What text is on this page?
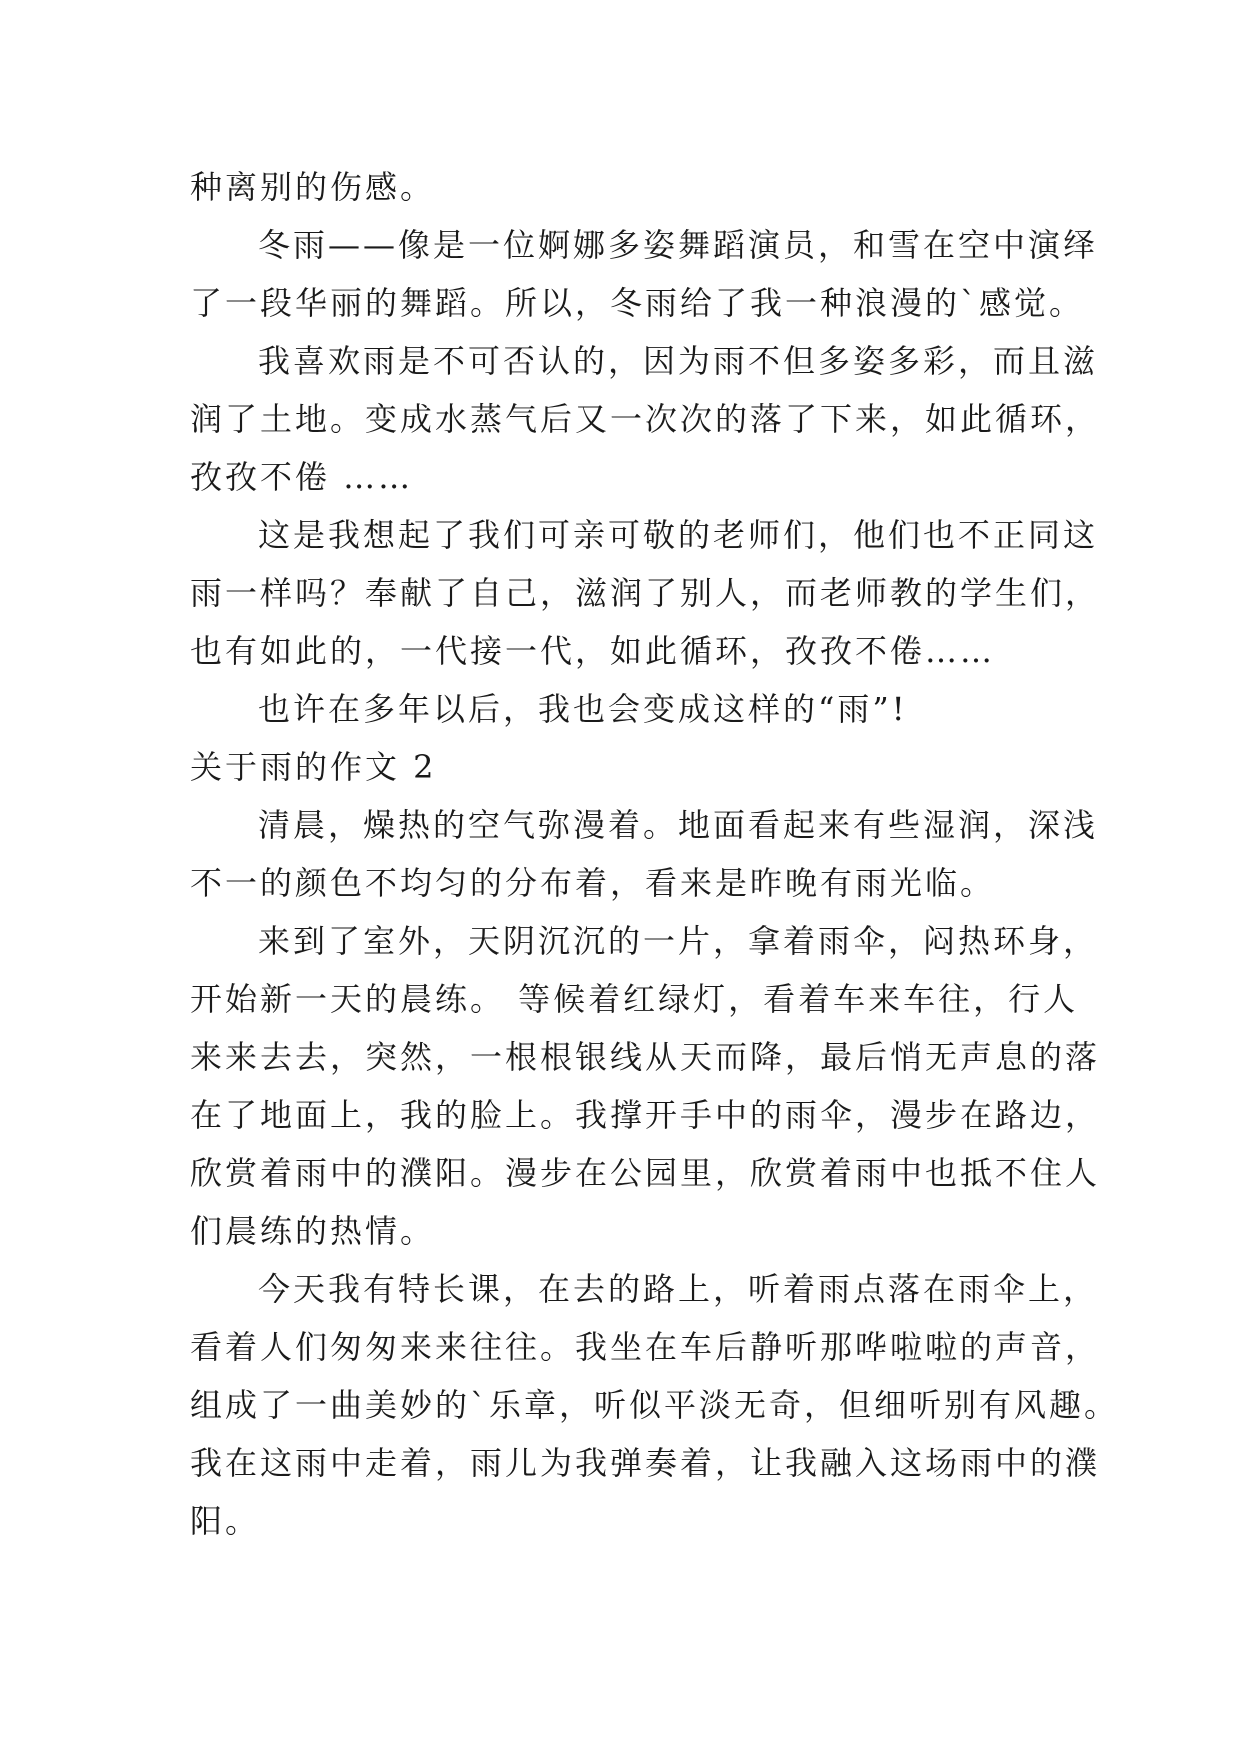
种离别的伤感。
冬雨——像是一位婀娜多姿舞蹈演员，和雪在空中演绎
了一段华丽的舞蹈。所以，冬雨给了我一种浪漫的`感觉。
我喜欢雨是不可否认的，因为雨不但多姿多彩，而且滋
润了土地。变成水蒸气后又一次次的落了下来，如此循环，
孜孜不倦 ……
这是我想起了我们可亲可敬的老师们，他们也不正同这
雨一样吗？奉献了自己，滋润了别人，而老师教的学生们，
也有如此的，一代接一代，如此循环，孜孜不倦……
也许在多年以后，我也会变成这样的“雨”!
关于雨的作文 2
清晨，燥热的空气弥漫着。地面看起来有些湿润，深浅
不一的颜色不均匀的分布着，看来是昨晚有雨光临。
来到了室外，天阴沉沉的一片，拿着雨伞，闷热环身，
开始新一天的晨练。 等候着红绿灯，看着车来车往，行人
来来去去，突然，一根根银线从天而降，最后悄无声息的落
在了地面上，我的脸上。我撑开手中的雨伞，漫步在路边，
欣赏着雨中的濮阳。漫步在公园里，欣赏着雨中也抵不住人
们晨练的热情。
今天我有特长课，在去的路上，听着雨点落在雨伞上，
看着人们匆匆来来往往。我坐在车后静听那哗啦啦的声音，
组成了一曲美妙的`乐章，听似平淡无奇，但细听别有风趣。
我在这雨中走着，雨儿为我弹奏着，让我融入这场雨中的濮
阳。
